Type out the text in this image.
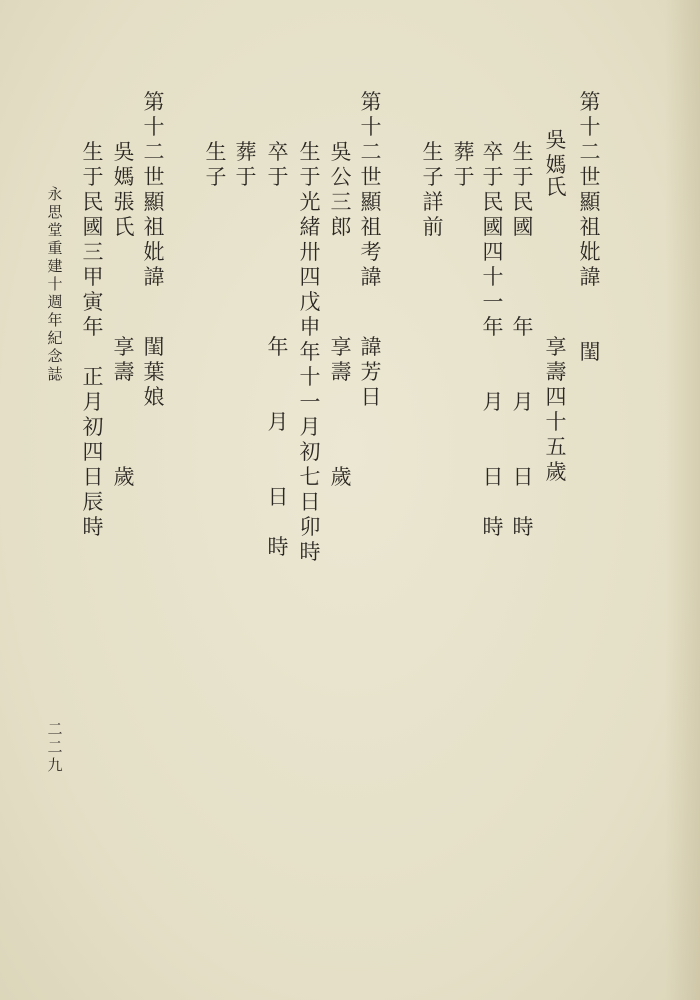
第
十
二
世
顯
祖
妣
諱
閨
吳
媽
氏
享
壽
四
十
五
歲
生
于
民
國
年
月
日
時
卒
于
民
國
四
十
一
年
月
日
時
葬
于
生
子
詳
前
第
十
二
世
顯
祖
考
諱
諱
芳
日
吳
公
三
郎
享
壽
歲
生
于
光
緒
卅
四
戊
申
年
十
一
月
初
七
日
卯
時
卒
于
年
月
日
時
葬
于
生
子
第
十
二
世
顯
祖
妣
諱
閨
葉
娘
吳
媽
張
氏
享
壽
歲
生
于
民
國
三
甲
寅
年
正
月
初
四
日
辰
時
永
思
堂
重
建
十
週
年
紀
念
誌
二
二
九
